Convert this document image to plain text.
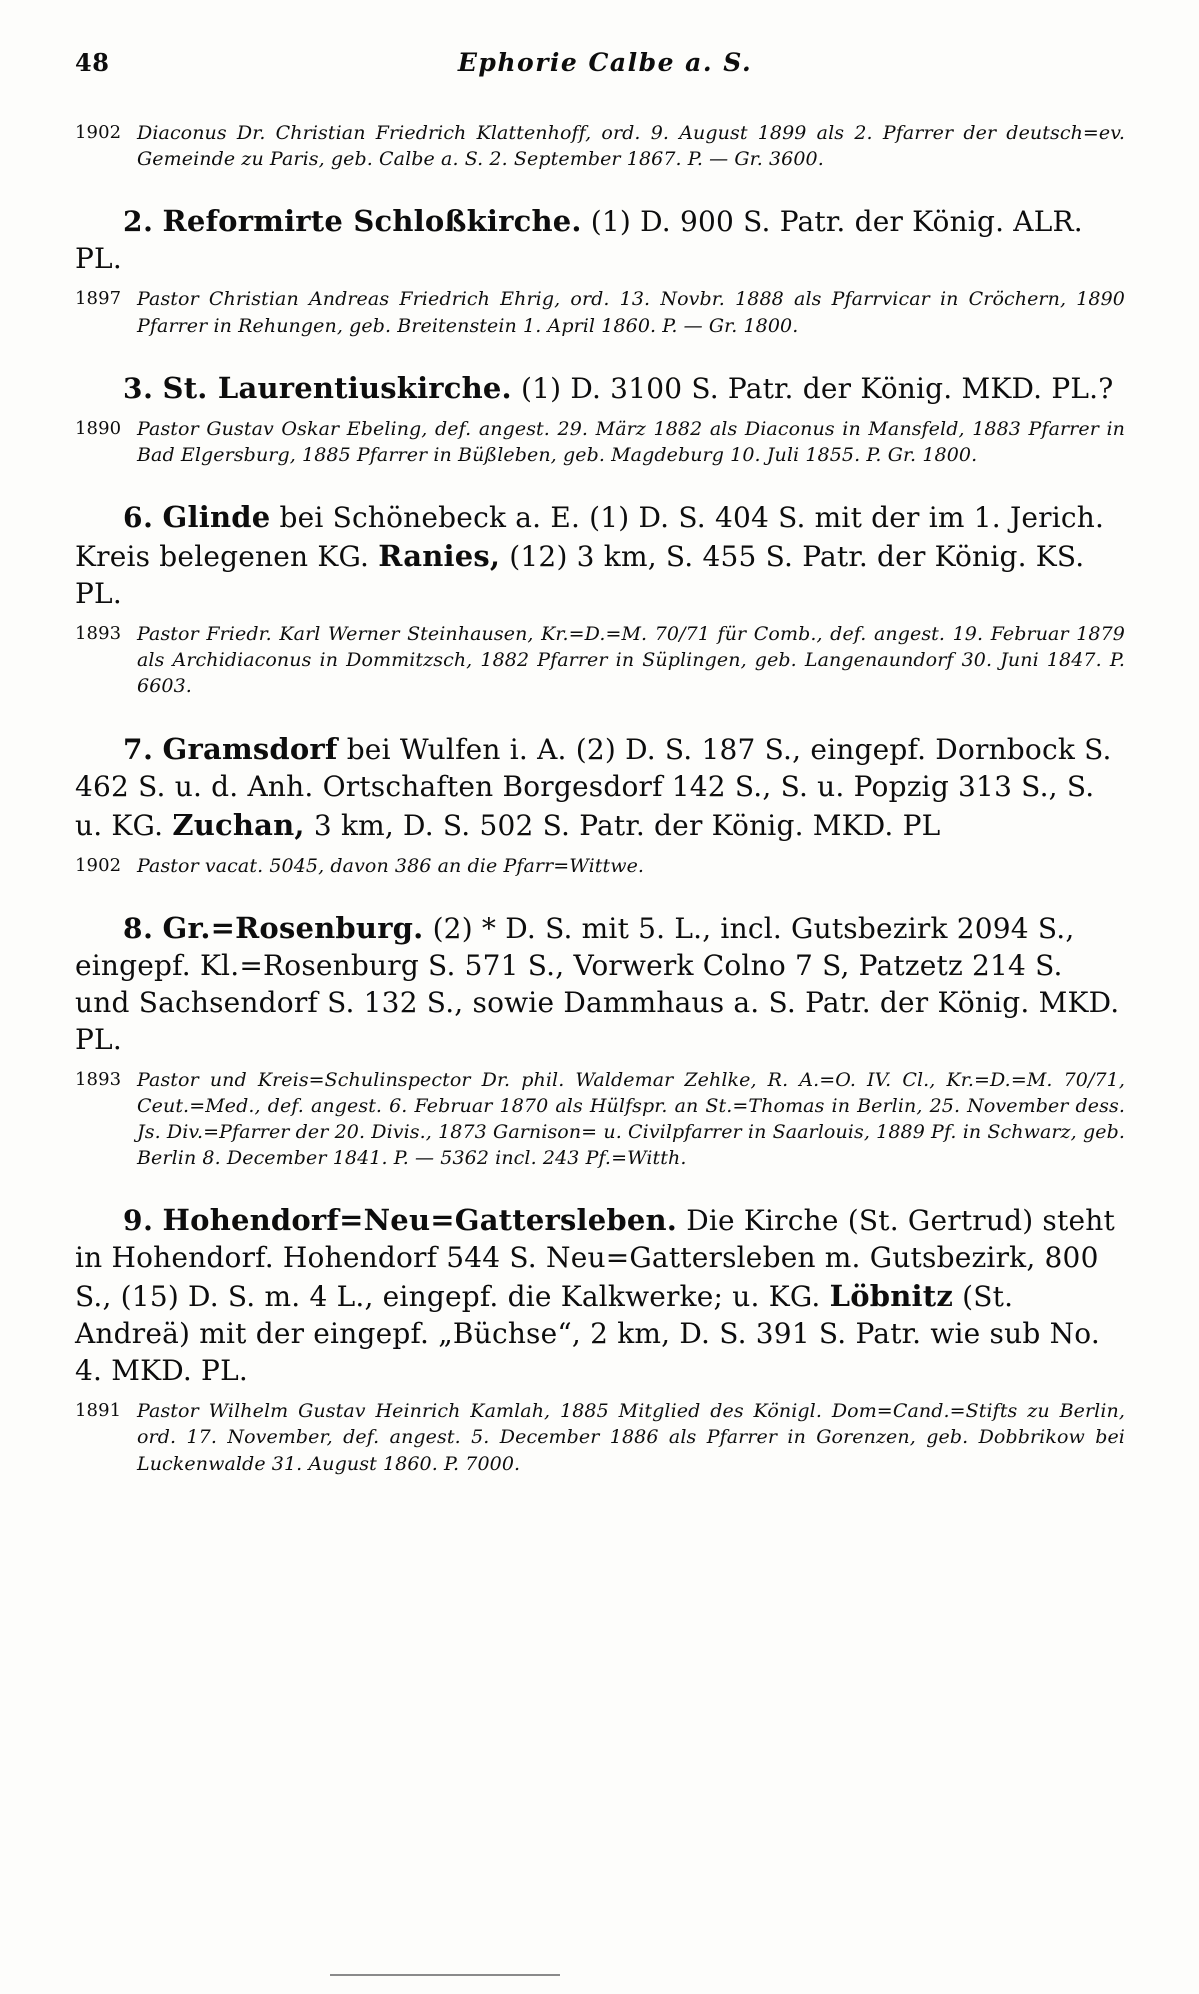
48	Ephorie Calbe a. S.
1902 Diaconus Dr. Christian Friedrich Klattenhoff, ord. 9. August 1899 als 2. Pfarrer der deutsch=ev. Gemeinde zu Paris, geb. Calbe a. S. 2. September 1867. P. — Gr. 3600.
2. Reformirte Schloßkirche. (1) D. 900 S. Patr. der König. ALR. PL.
1897 Pastor Christian Andreas Friedrich Ehrig, ord. 13. Novbr. 1888 als Pfarrvicar in Cröchern, 1890 Pfarrer in Rehungen, geb. Breitenstein 1. April 1860. P. — Gr. 1800.
3. St. Laurentiuskirche. (1) D. 3100 S. Patr. der König. MKD. PL.?
1890 Pastor Gustav Oskar Ebeling, def. angest. 29. März 1882 als Diaconus in Mansfeld, 1883 Pfarrer in Bad Elgersburg, 1885 Pfarrer in Büßleben, geb. Magdeburg 10. Juli 1855. P. Gr. 1800.
6. Glinde bei Schönebeck a. E. (1) D. S. 404 S. mit der im 1. Jerich. Kreis belegenen KG. Ranies, (12) 3 km, S. 455 S. Patr. der König. KS. PL.
1893 Pastor Friedr. Karl Werner Steinhausen, Kr.=D.=M. 70/71 für Comb., def. angest. 19. Februar 1879 als Archidiaconus in Dommitzsch, 1882 Pfarrer in Süplingen, geb. Langenaundorf 30. Juni 1847. P. 6603.
7. Gramsdorf bei Wulfen i. A. (2) D. S. 187 S., eingepf. Dornbock S. 462 S. u. d. Anh. Ortschaften Borgesdorf 142 S., S. u. Popzig 313 S., S. u. KG. Zuchan, 3 km, D. S. 502 S. Patr. der König. MKD. PL
1902 Pastor vacat. 5045, davon 386 an die Pfarr=Wittwe.
8. Gr.=Rosenburg. (2) * D. S. mit 5. L., incl. Gutsbezirk 2094 S., eingepf. Kl.=Rosenburg S. 571 S., Vorwerk Colno 7 S, Patzetz 214 S. und Sachsendorf S. 132 S., sowie Dammhaus a. S. Patr. der König. MKD. PL.
1893 Pastor und Kreis=Schulinspector Dr. phil. Waldemar Zehlke, R. A.=O. IV. Cl., Kr.=D.=M. 70/71, Ceut.=Med., def. angest. 6. Februar 1870 als Hülfspr. an St.=Thomas in Berlin, 25. November dess. Js. Div.=Pfarrer der 20. Divis., 1873 Garnison= u. Civilpfarrer in Saarlouis, 1889 Pf. in Schwarz, geb. Berlin 8. December 1841. P. — 5362 incl. 243 Pf.=Witth.
9. Hohendorf=Neu=Gattersleben. Die Kirche (St. Gertrud) steht in Hohendorf. Hohendorf 544 S. Neu=Gattersleben m. Gutsbezirk, 800 S., (15) D. S. m. 4 L., eingepf. die Kalkwerke; u. KG. Löbnitz (St. Andreä) mit der eingepf. „Büchse“, 2 km, D. S. 391 S. Patr. wie sub No. 4. MKD. PL.
1891 Pastor Wilhelm Gustav Heinrich Kamlah, 1885 Mitglied des Königl. Dom=Cand.=Stifts zu Berlin, ord. 17. November, def. angest. 5. December 1886 als Pfarrer in Gorenzen, geb. Dobbrikow bei Luckenwalde 31. August 1860. P. 7000.
